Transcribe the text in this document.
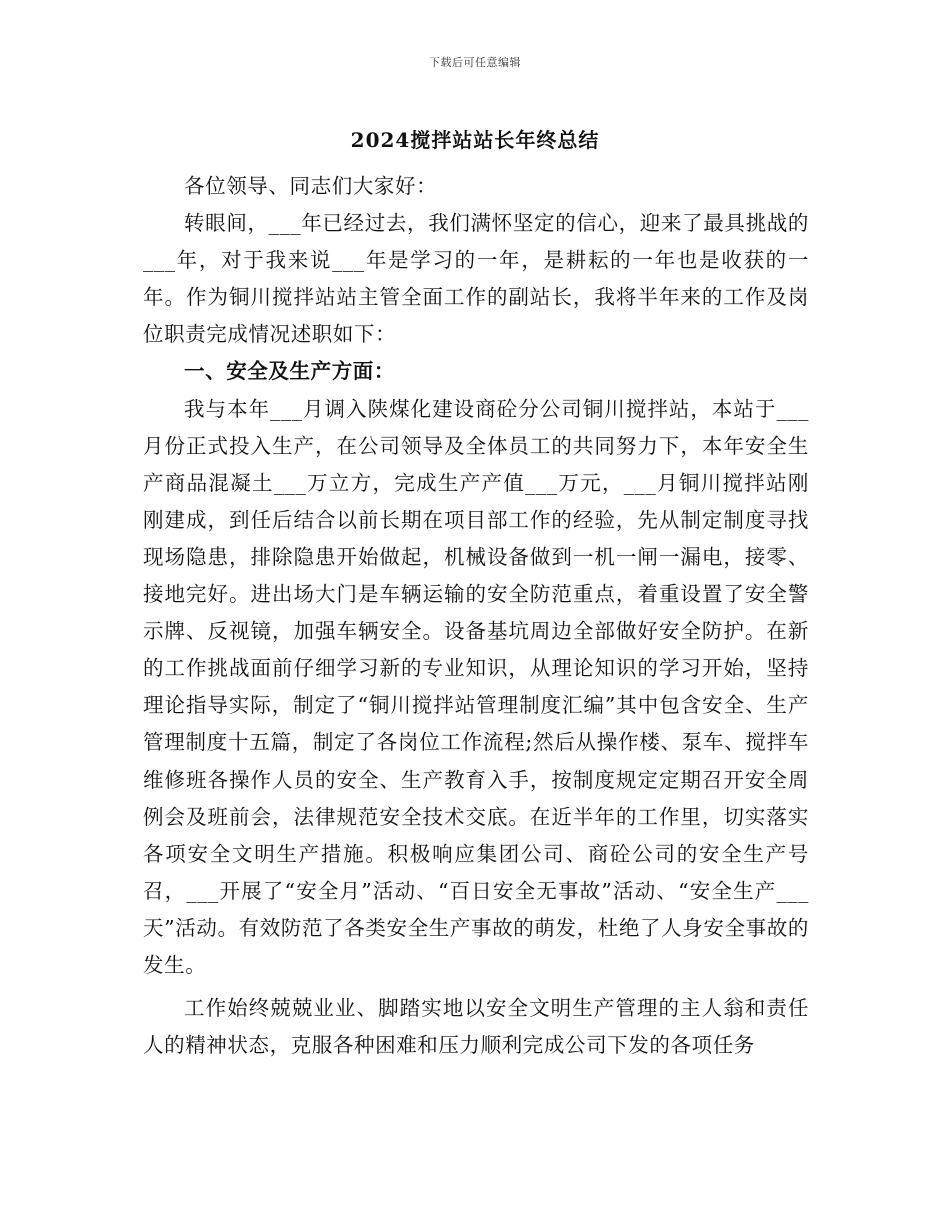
下载后可任意编辑
2024搅拌站站长年终总结

各位领导、同志们大家好：

转眼间，___年已经过去，我们满怀坚定的信心，迎来了最具挑战的___年，对于我来说___年是学习的一年，是耕耘的一年也是收获的一年。作为铜川搅拌站站主管全面工作的副站长，我将半年来的工作及岗位职责完成情况述职如下：

一、安全及生产方面：

我与本年___月调入陕煤化建设商砼分公司铜川搅拌站，本站于___月份正式投入生产，在公司领导及全体员工的共同努力下，本年安全生产商品混凝土___万立方，完成生产产值___万元，___月铜川搅拌站刚刚建成，到任后结合以前长期在项目部工作的经验，先从制定制度寻找现场隐患，排除隐患开始做起，机械设备做到一机一闸一漏电，接零、接地完好。进出场大门是车辆运输的安全防范重点，着重设置了安全警示牌、反视镜，加强车辆安全。设备基坑周边全部做好安全防护。在新的工作挑战面前仔细学习新的专业知识，从理论知识的学习开始，坚持理论指导实际，制定了“铜川搅拌站管理制度汇编”其中包含安全、生产管理制度十五篇，制定了各岗位工作流程;然后从操作楼、泵车、搅拌车维修班各操作人员的安全、生产教育入手，按制度规定定期召开安全周例会及班前会，法律规范安全技术交底。在近半年的工作里，切实落实各项安全文明生产措施。积极响应集团公司、商砼公司的安全生产号召，___开展了“安全月”活动、“百日安全无事故”活动、“安全生产___天”活动。有效防范了各类安全生产事故的萌发，杜绝了人身安全事故的发生。

工作始终兢兢业业、脚踏实地以安全文明生产管理的主人翁和责任人的精神状态，克服各种困难和压力顺利完成公司下发的各项任务
